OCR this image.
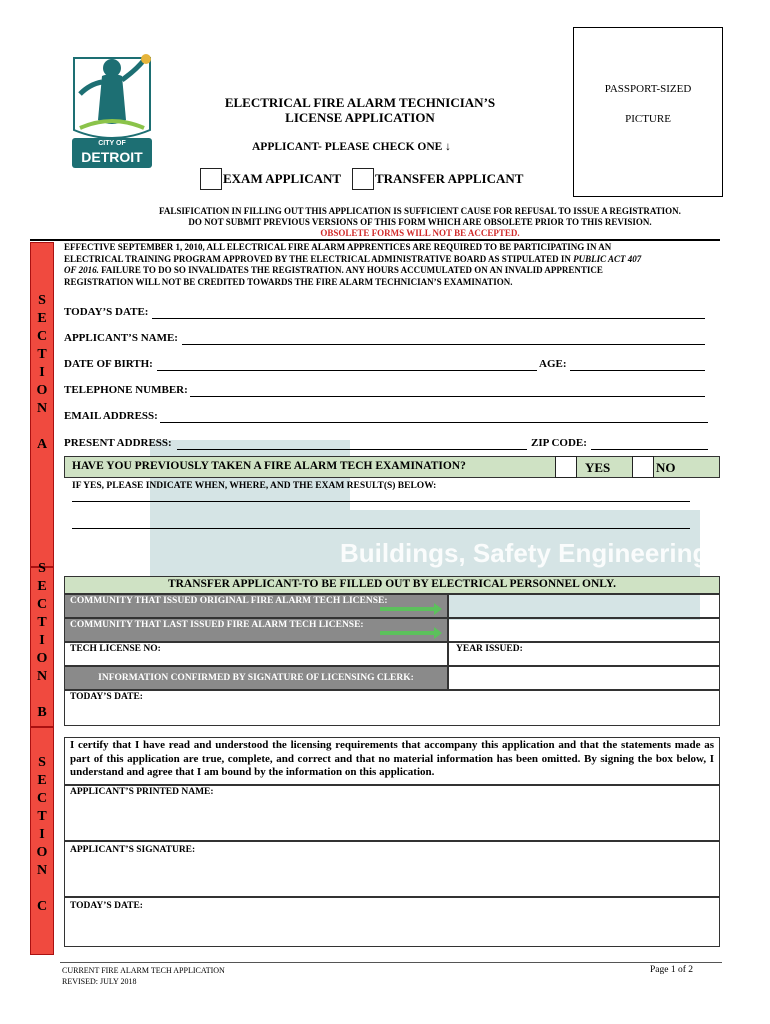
CITY OF
DETROIT
ELECTRICAL FIRE ALARM TECHNICIAN’S
LICENSE APPLICATION
PASSPORT-SIZED
PICTURE
APPLICANT- PLEASE CHECK ONE ↓
EXAM APPLICANT	TRANSFER APPLICANT
FALSIFICATION IN FILLING OUT THIS APPLICATION IS SUFFICIENT CAUSE FOR REFUSAL TO ISSUE A REGISTRATION.
DO NOT SUBMIT PREVIOUS VERSIONS OF THIS FORM WHICH ARE OBSOLETE PRIOR TO THIS REVISION.
OBSOLETE FORMS WILL NOT BE ACCEPTED.
S
E
C
T
I
O
N
A
S
E
C
T
I
O
N
B
S
E
C
T
I
O
N
C
Buildings, Safety Engineering
EFFECTIVE SEPTEMBER 1, 2010, ALL ELECTRICAL FIRE ALARM APPRENTICES ARE REQUIRED TO BE PARTICIPATING IN AN
ELECTRICAL TRAINING PROGRAM APPROVED BY THE ELECTRICAL ADMINISTRATIVE BOARD AS STIPULATED IN PUBLIC ACT 407
OF 2016. FAILURE TO DO SO INVALIDATES THE REGISTRATION. ANY HOURS ACCUMULATED ON AN INVALID APPRENTICE
REGISTRATION WILL NOT BE CREDITED TOWARDS THE FIRE ALARM TECHNICIAN’S EXAMINATION.
TODAY’S DATE:
APPLICANT’S NAME:
DATE OF BIRTH:	AGE:
TELEPHONE NUMBER:
EMAIL ADDRESS:
PRESENT ADDRESS:	ZIP CODE:
HAVE YOU PREVIOUSLY TAKEN A FIRE ALARM TECH EXAMINATION?	YES	NO
IF YES, PLEASE INDICATE WHEN, WHERE, AND THE EXAM RESULT(S) BELOW:
TRANSFER APPLICANT-TO BE FILLED OUT BY ELECTRICAL PERSONNEL ONLY.
COMMUNITY THAT ISSUED ORIGINAL FIRE ALARM TECH LICENSE:
COMMUNITY THAT LAST ISSUED FIRE ALARM TECH LICENSE:
TECH LICENSE NO:	YEAR ISSUED:
INFORMATION CONFIRMED BY SIGNATURE OF LICENSING CLERK:
TODAY’S DATE:
I certify that I have read and understood the licensing requirements that accompany this application and that the statements made as part of this application are true, complete, and correct and that no material information has been omitted. By signing the box below, I understand and agree that I am bound by the information on this application.
APPLICANT’S PRINTED NAME:
APPLICANT’S SIGNATURE:
TODAY’S DATE:
CURRENT FIRE ALARM TECH APPLICATION
REVISED: JULY 2018
Page 1 of 2
